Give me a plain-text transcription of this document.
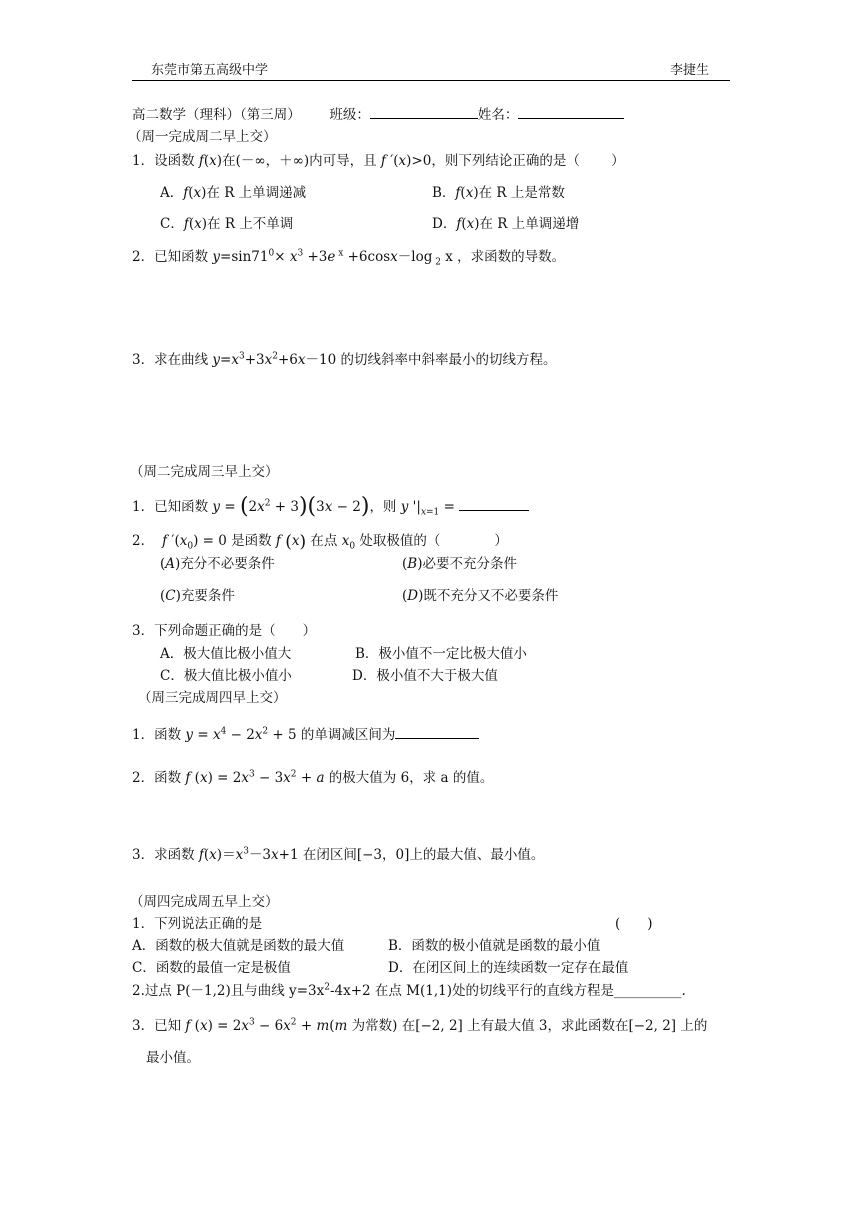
东莞市第五高级中学	李捷生
高二数学（理科）（第三周） 班级：	姓名：
（周一完成周二早上交）
1．设函数 f(x)在(－∞，＋∞)内可导，且 f ′(x)>0，则下列结论正确的是（　　 ）
A．f(x)在 R 上单调递减	B．f(x)在 R 上是常数
C．f(x)在 R 上不单调	D．f(x)在 R 上单调递增
2．已知函数 $y=\sin 71^0\times x^3 +3e$ $^x$ +6cosx－log $_2$ x ，求函数的导数。
3．求在曲线 $y=x^3+3x^2+6x-10$ 的切线斜率中斜率最小的切线方程。
（周二完成周三早上交）
1．已知函数 $y = (2x^2 + 3)(3x - 2)$，则 y '$|_{x=1}$ =
2． f $'(x_0) = 0$ 是函数 f (x) 在点 $x_0$ 处取极值的（　　　　）
(A)充分不必要条件	(B)必要不充分条件
(C)充要条件	(D)既不充分又不必要条件
3．下列命题正确的是（　　）
A．极大值比极小值大	B．极小值不一定比极大值小
C．极大值比极小值小	D．极小值不大于极大值
（周三完成周四早上交）
1．函数 $y = x^4 - 2x^2 + 5$ 的单调减区间为
2．函数 f $(x) = 2x^3 - 3x^2 + a$ 的极大值为 6，求 a 的值。
3．求函数 $f(x)=x^3-3x+1$ 在闭区间[−3，0]上的最大值、最小值。
（周四完成周五早上交）
1．下列说法正确的是	(　　)
A．函数的极大值就是函数的最大值	B．函数的极小值就是函数的最小值
C．函数的最值一定是极值	D．在闭区间上的连续函数一定存在最值
2.过点 P(－1,2)且与曲线 $y=3x^2-4x+2$ 在点 M(1,1)处的切线平行的直线方程是__________.
3．已知 f $(x) = 2x^3 - 6x^2 + m(m$ 为常数) 在[−2, 2] 上有最大值 3，求此函数在[−2, 2] 上的
最小值。
